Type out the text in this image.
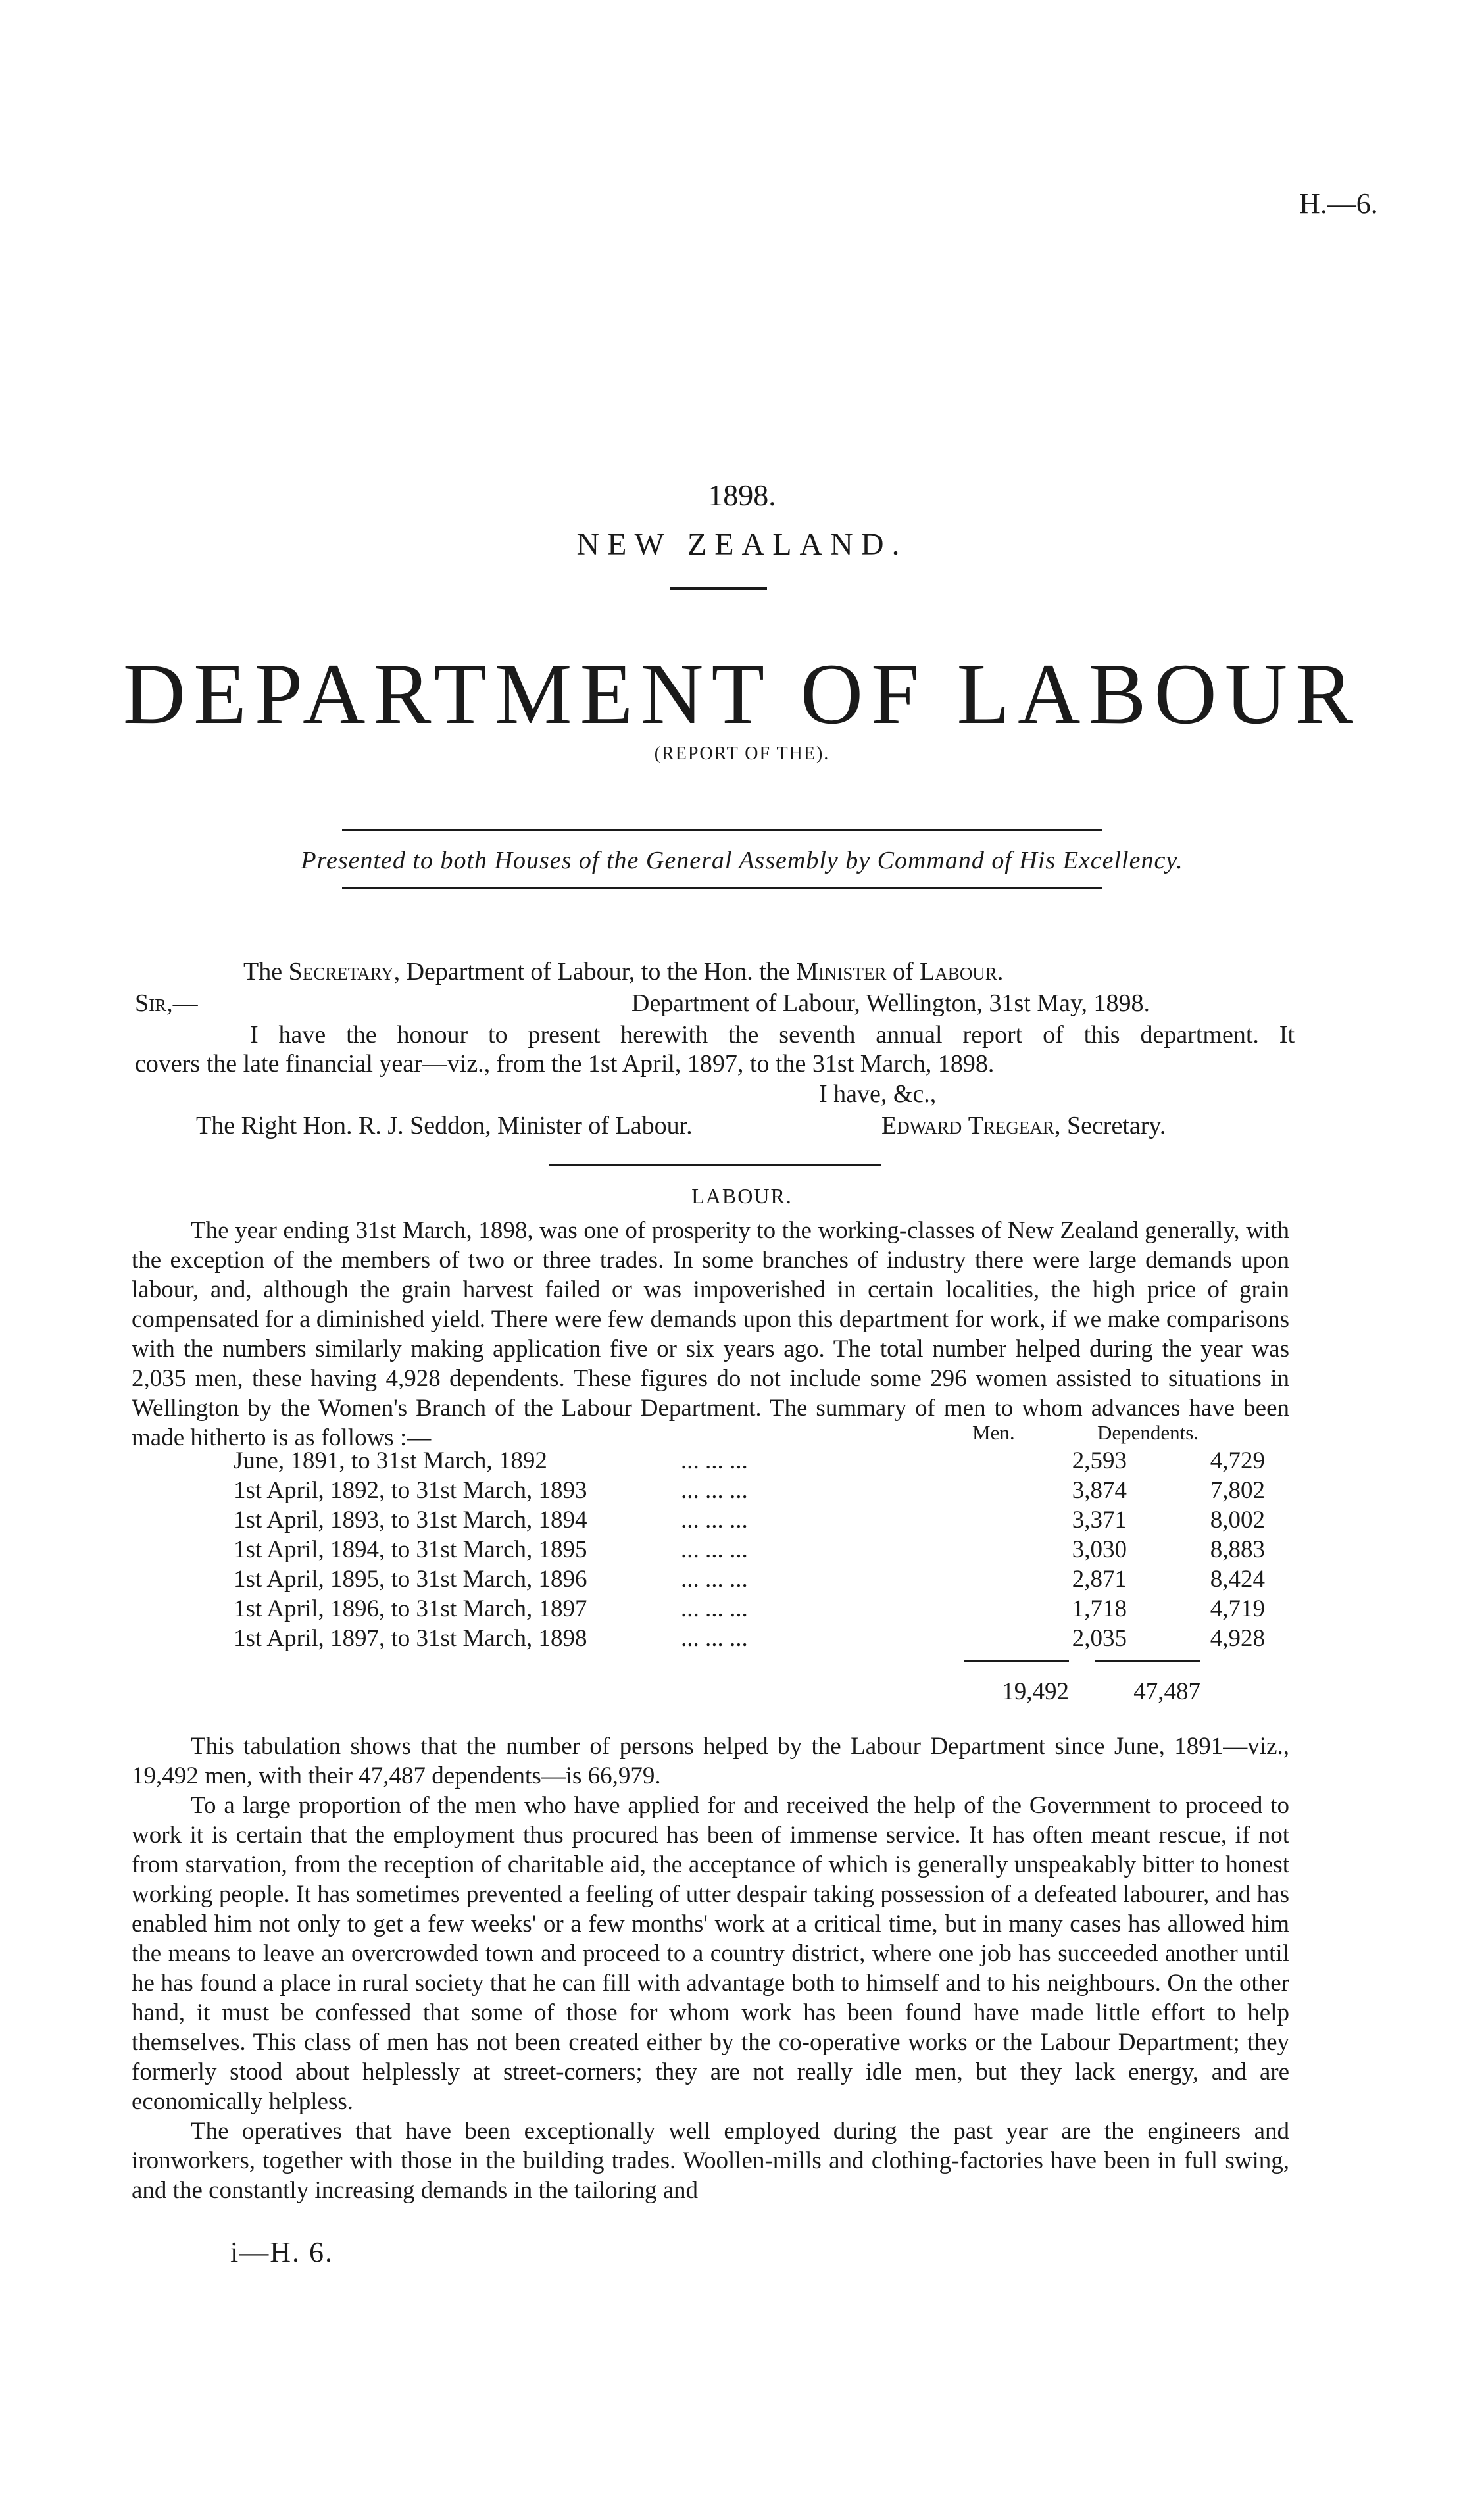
H.—6.
1898.
NEW ZEALAND.
DEPARTMENT OF LABOUR
(REPORT OF THE).
Presented to both Houses of the General Assembly by Command of His Excellency.
The Secretary, Department of Labour, to the Hon. the Minister of Labour.
Sir,—	Department of Labour, Wellington, 31st May, 1898.
I have the honour to present herewith the seventh annual report of this department. It
covers the late financial year—viz., from the 1st April, 1897, to the 31st March, 1898.
I have, &c.,
The Right Hon. R. J. Seddon, Minister of Labour.	Edward Tregear, Secretary.
LABOUR.

The year ending 31st March, 1898, was one of prosperity to the working-classes of New Zealand generally, with the exception of the members of two or three trades. In some branches of industry there were large demands upon labour, and, although the grain harvest failed or was impoverished in certain localities, the high price of grain compensated for a diminished yield. There were few demands upon this department for work, if we make comparisons with the numbers similarly making application five or six years ago. The total number helped during the year was 2,035 men, these having 4,928 dependents. These figures do not include some 296 women assisted to situations in Wellington by the Women's Branch of the Labour Department. The summary of men to whom advances have been made hitherto is as follows :—	Men.	Dependents.
June, 1891, to 31st March, 1892	... ... ...	2,593	4,729
1st April, 1892, to 31st March, 1893	... ... ...	3,874	7,802
1st April, 1893, to 31st March, 1894	... ... ...	3,371	8,002
1st April, 1894, to 31st March, 1895	... ... ...	3,030	8,883
1st April, 1895, to 31st March, 1896	... ... ...	2,871	8,424
1st April, 1896, to 31st March, 1897	... ... ...	1,718	4,719
1st April, 1897, to 31st March, 1898	... ... ...	2,035	4,928
19,492	47,487

This tabulation shows that the number of persons helped by the Labour Department since June, 1891—viz., 19,492 men, with their 47,487 dependents—is 66,979.

To a large proportion of the men who have applied for and received the help of the Government to proceed to work it is certain that the employment thus procured has been of immense service. It has often meant rescue, if not from starvation, from the reception of charitable aid, the acceptance of which is generally unspeakably bitter to honest working people. It has sometimes prevented a feeling of utter despair taking possession of a defeated labourer, and has enabled him not only to get a few weeks' or a few months' work at a critical time, but in many cases has allowed him the means to leave an overcrowded town and proceed to a country district, where one job has succeeded another until he has found a place in rural society that he can fill with advantage both to himself and to his neighbours. On the other hand, it must be confessed that some of those for whom work has been found have made little effort to help themselves. This class of men has not been created either by the co-operative works or the Labour Department; they formerly stood about helplessly at street-corners; they are not really idle men, but they lack energy, and are economically helpless.

The operatives that have been exceptionally well employed during the past year are the engineers and ironworkers, together with those in the building trades. Woollen-mills and clothing-factories have been in full swing, and the constantly increasing demands in the tailoring and

i—H. 6.
